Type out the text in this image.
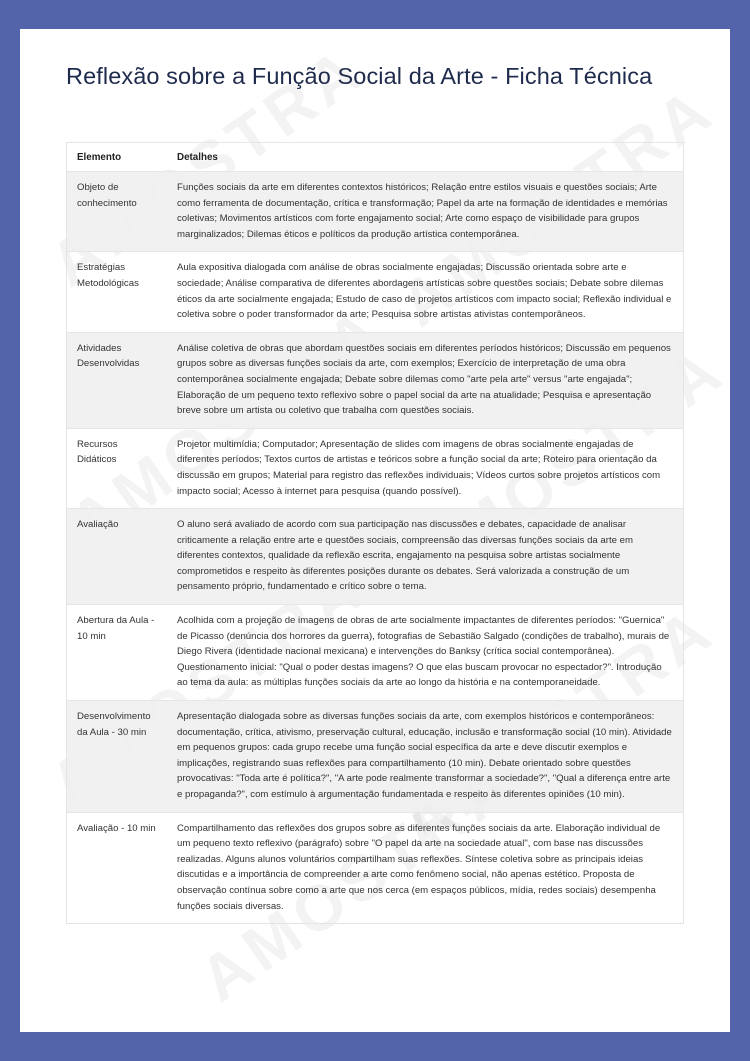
Reflexão sobre a Função Social da Arte - Ficha Técnica
Elemento	Detalhes
Objeto de conhecimento	Funções sociais da arte em diferentes contextos históricos; Relação entre estilos visuais e questões sociais; Arte como ferramenta de documentação, crítica e transformação; Papel da arte na formação de identidades e memórias coletivas; Movimentos artísticos com forte engajamento social; Arte como espaço de visibilidade para grupos marginalizados; Dilemas éticos e políticos da produção artística contemporânea.
Estratégias Metodológicas	Aula expositiva dialogada com análise de obras socialmente engajadas; Discussão orientada sobre arte e sociedade; Análise comparativa de diferentes abordagens artísticas sobre questões sociais; Debate sobre dilemas éticos da arte socialmente engajada; Estudo de caso de projetos artísticos com impacto social; Reflexão individual e coletiva sobre o poder transformador da arte; Pesquisa sobre artistas ativistas contemporâneos.
Atividades Desenvolvidas	Análise coletiva de obras que abordam questões sociais em diferentes períodos históricos; Discussão em pequenos grupos sobre as diversas funções sociais da arte, com exemplos; Exercício de interpretação de uma obra contemporânea socialmente engajada; Debate sobre dilemas como "arte pela arte" versus "arte engajada"; Elaboração de um pequeno texto reflexivo sobre o papel social da arte na atualidade; Pesquisa e apresentação breve sobre um artista ou coletivo que trabalha com questões sociais.
Recursos Didáticos	Projetor multimídia; Computador; Apresentação de slides com imagens de obras socialmente engajadas de diferentes períodos; Textos curtos de artistas e teóricos sobre a função social da arte; Roteiro para orientação da discussão em grupos; Material para registro das reflexões individuais; Vídeos curtos sobre projetos artísticos com impacto social; Acesso à internet para pesquisa (quando possível).
Avaliação	O aluno será avaliado de acordo com sua participação nas discussões e debates, capacidade de analisar criticamente a relação entre arte e questões sociais, compreensão das diversas funções sociais da arte em diferentes contextos, qualidade da reflexão escrita, engajamento na pesquisa sobre artistas socialmente comprometidos e respeito às diferentes posições durante os debates. Será valorizada a construção de um pensamento próprio, fundamentado e crítico sobre o tema.
Abertura da Aula - 10 min	Acolhida com a projeção de imagens de obras de arte socialmente impactantes de diferentes períodos: "Guernica" de Picasso (denúncia dos horrores da guerra), fotografias de Sebastião Salgado (condições de trabalho), murais de Diego Rivera (identidade nacional mexicana) e intervenções do Banksy (crítica social contemporânea). Questionamento inicial: "Qual o poder destas imagens? O que elas buscam provocar no espectador?". Introdução ao tema da aula: as múltiplas funções sociais da arte ao longo da história e na contemporaneidade.
Desenvolvimento da Aula - 30 min	Apresentação dialogada sobre as diversas funções sociais da arte, com exemplos históricos e contemporâneos: documentação, crítica, ativismo, preservação cultural, educação, inclusão e transformação social (10 min). Atividade em pequenos grupos: cada grupo recebe uma função social específica da arte e deve discutir exemplos e implicações, registrando suas reflexões para compartilhamento (10 min). Debate orientado sobre questões provocativas: "Toda arte é política?", "A arte pode realmente transformar a sociedade?", "Qual a diferença entre arte e propaganda?", com estímulo à argumentação fundamentada e respeito às diferentes opiniões (10 min).
Avaliação - 10 min	Compartilhamento das reflexões dos grupos sobre as diferentes funções sociais da arte. Elaboração individual de um pequeno texto reflexivo (parágrafo) sobre "O papel da arte na sociedade atual", com base nas discussões realizadas. Alguns alunos voluntários compartilham suas reflexões. Síntese coletiva sobre as principais ideias discutidas e a importância de compreender a arte como fenômeno social, não apenas estético. Proposta de observação contínua sobre como a arte que nos cerca (em espaços públicos, mídia, redes sociais) desempenha funções sociais diversas.
